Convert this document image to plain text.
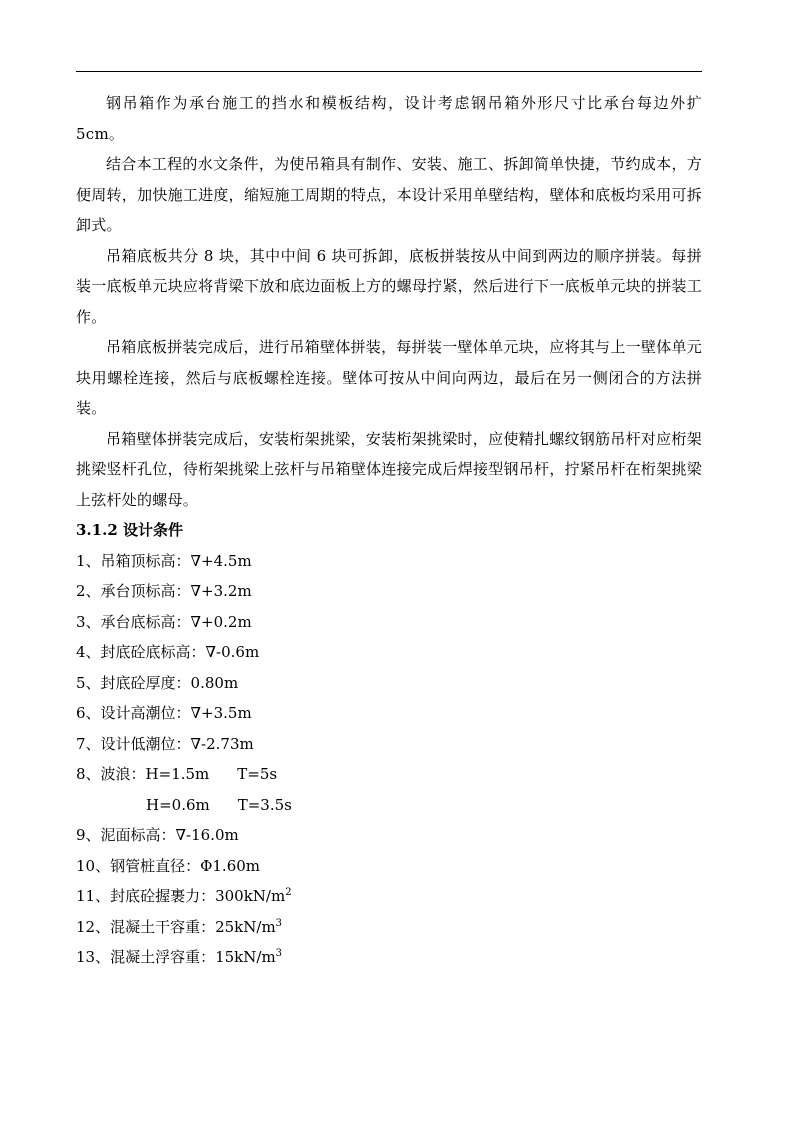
钢吊箱作为承台施工的挡水和模板结构，设计考虑钢吊箱外形尺寸比承台每边外扩5cm。

结合本工程的水文条件，为使吊箱具有制作、安装、施工、拆卸简单快捷，节约成本，方便周转，加快施工进度，缩短施工周期的特点，本设计采用单壁结构，壁体和底板均采用可拆卸式。

吊箱底板共分 8 块，其中中间 6 块可拆卸，底板拼装按从中间到两边的顺序拼装。每拼装一底板单元块应将背梁下放和底边面板上方的螺母拧紧，然后进行下一底板单元块的拼装工作。

吊箱底板拼装完成后，进行吊箱壁体拼装，每拼装一壁体单元块，应将其与上一壁体单元块用螺栓连接，然后与底板螺栓连接。壁体可按从中间向两边，最后在另一侧闭合的方法拼装。

吊箱壁体拼装完成后，安装桁架挑梁，安装桁架挑梁时，应使精扎螺纹钢筋吊杆对应桁架挑梁竖杆孔位，待桁架挑梁上弦杆与吊箱壁体连接完成后焊接型钢吊杆，拧紧吊杆在桁架挑梁上弦杆处的螺母。

3.1.2 设计条件

1、吊箱顶标高：∇+4.5m

2、承台顶标高：∇+3.2m

3、承台底标高：∇+0.2m

4、封底砼底标高：∇-0.6m

5、封底砼厚度：0.80m

6、设计高潮位：∇+3.5m

7、设计低潮位：∇-2.73m

8、波浪：H=1.5m T=5s

H=0.6m T=3.5s

9、泥面标高：∇-16.0m

10、钢管桩直径：Φ1.60m

11、封底砼握裹力：$300kN/m^2$

12、混凝土干容重：$25kN/m^3$

13、混凝土浮容重：$15kN/m^3$
